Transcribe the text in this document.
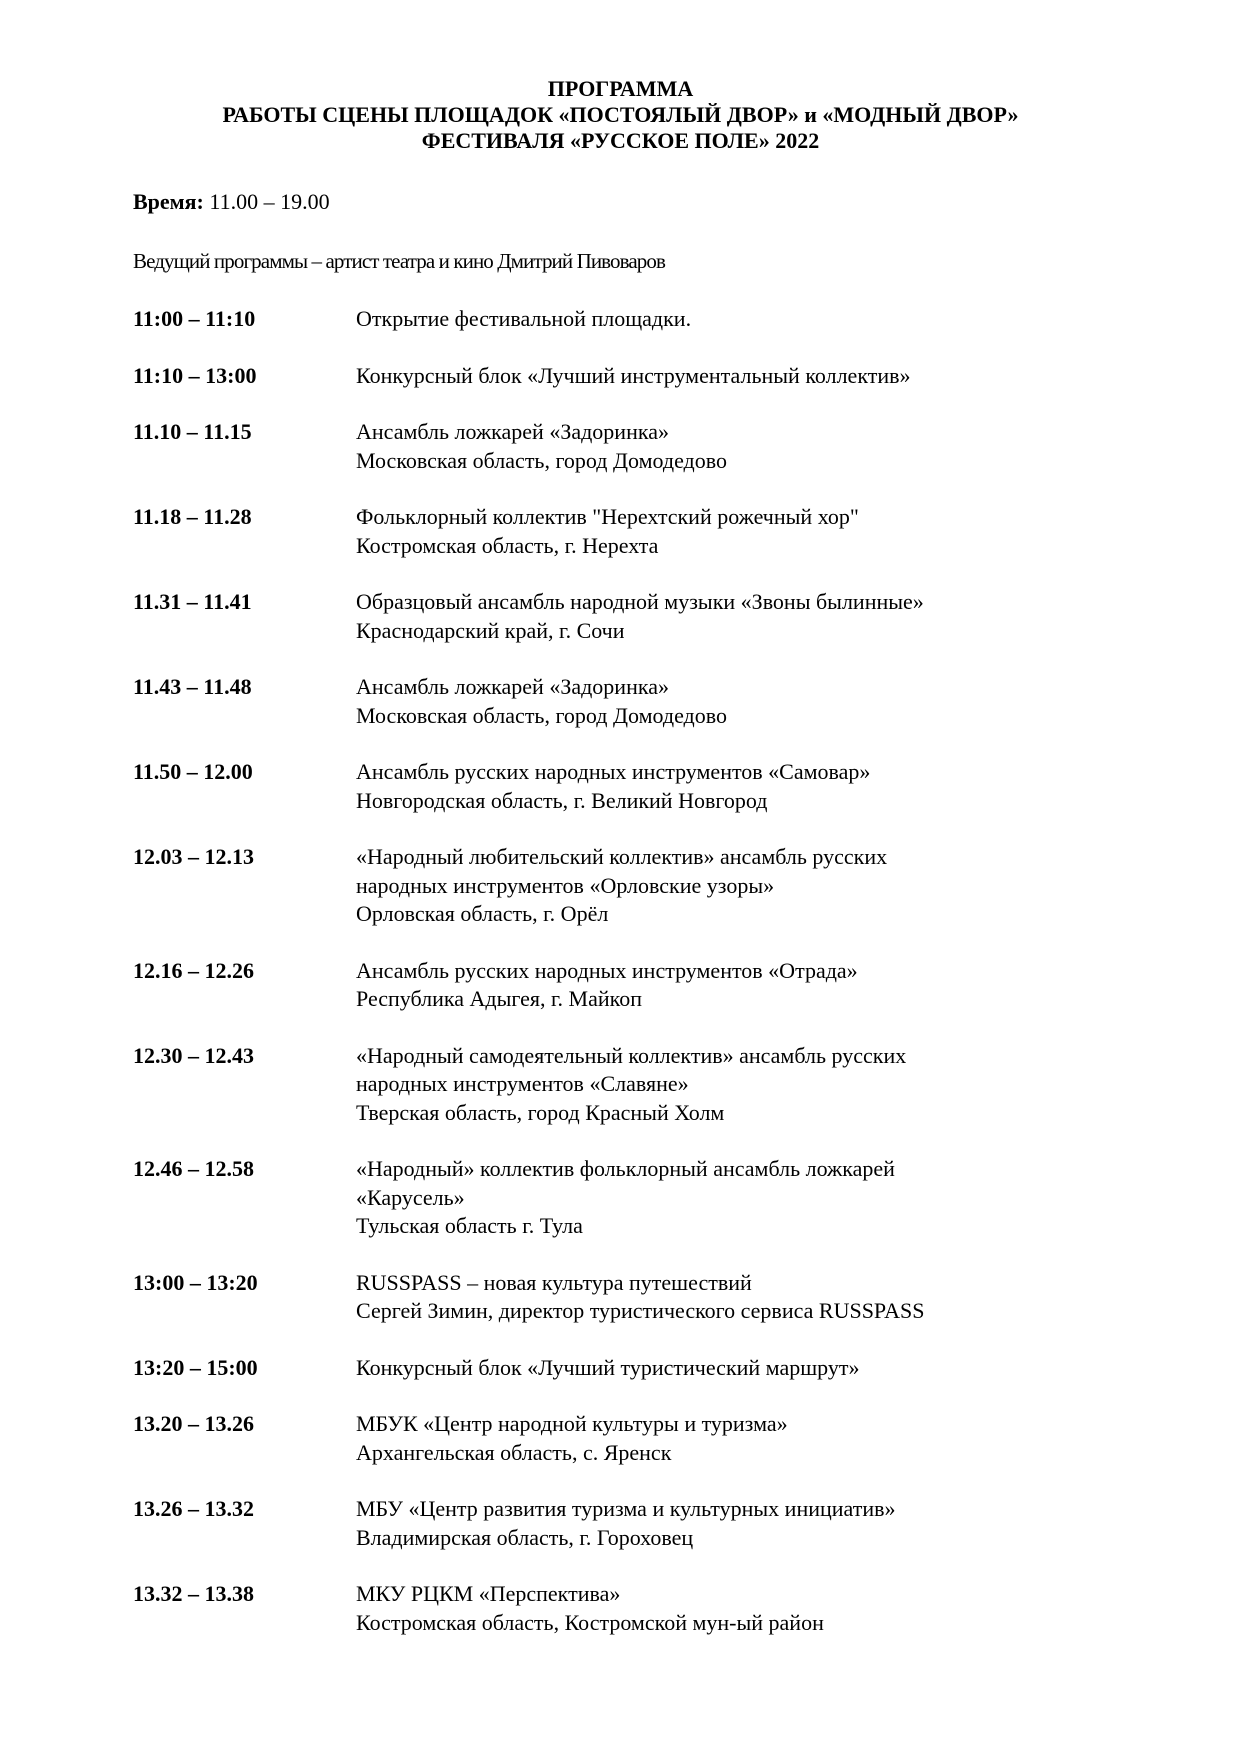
ПРОГРАММА
РАБОТЫ СЦЕНЫ ПЛОЩАДОК «ПОСТОЯЛЫЙ ДВОР» и «МОДНЫЙ ДВОР»
ФЕСТИВАЛЯ «РУССКОЕ ПОЛЕ» 2022
Время: 11.00 – 19.00
Ведущий программы – артист театра и кино Дмитрий Пивоваров
11:00 – 11:10	Открытие фестивальной площадки.
11:10 – 13:00	Конкурсный блок «Лучший инструментальный коллектив»
11.10 – 11.15	Ансамбль ложкарей «Задоринка»
Московская область, город Домодедово
11.18 – 11.28	Фольклорный коллектив "Нерехтский рожечный хор"
Костромская область, г. Нерехта
11.31 – 11.41	Образцовый ансамбль народной музыки «Звоны былинные»
Краснодарский край, г. Сочи
11.43 – 11.48	Ансамбль ложкарей «Задоринка»
Московская область, город Домодедово
11.50 – 12.00	Ансамбль русских народных инструментов «Самовар»
Новгородская область, г. Великий Новгород
12.03 – 12.13	«Народный любительский коллектив» ансамбль русских
народных инструментов «Орловские узоры»
Орловская область, г. Орёл
12.16 – 12.26	Ансамбль русских народных инструментов «Отрада»
Республика Адыгея, г. Майкоп
12.30 – 12.43	«Народный самодеятельный коллектив» ансамбль русских
народных инструментов «Славяне»
Тверская область, город Красный Холм
12.46 – 12.58	«Народный» коллектив фольклорный ансамбль ложкарей
«Карусель»
Тульская область г. Тула
13:00 – 13:20	RUSSPASS – новая культура путешествий
Сергей Зимин, директор туристического сервиса RUSSPASS
13:20 – 15:00	Конкурсный блок «Лучший туристический маршрут»
13.20 – 13.26	МБУК «Центр народной культуры и туризма»
Архангельская область, с. Яренск
13.26 – 13.32	МБУ «Центр развития туризма и культурных инициатив»
Владимирская область, г. Гороховец
13.32 – 13.38	МКУ РЦКМ «Перспектива»
Костромская область, Костромской мун-ый район
